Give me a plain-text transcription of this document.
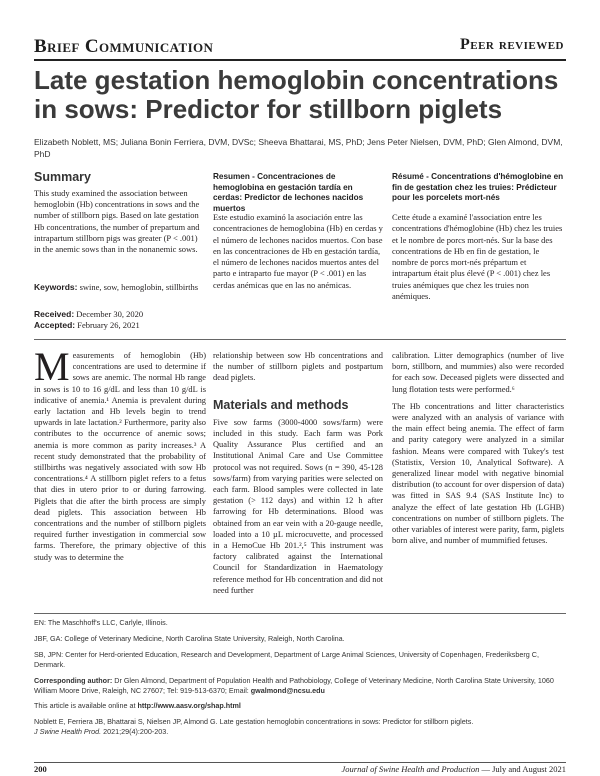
Brief Communication	Peer reviewed
Late gestation hemoglobin concentrations in sows: Predictor for stillborn piglets
Elizabeth Noblett, MS; Juliana Bonin Ferriera, DVM, DVSc; Sheeva Bhattarai, MS, PhD; Jens Peter Nielsen, DVM, PhD; Glen Almond, DVM, PhD
Summary
This study examined the association between hemoglobin (Hb) concentrations in sows and the number of stillborn pigs. Based on late gestation Hb concentrations, the number of prepartum and intrapartum stillborn pigs was greater (P < .001) in the anemic sows than in the nonanemic sows.
Keywords: swine, sow, hemoglobin, stillbirths
Received: December 30, 2020
Accepted: February 26, 2021
Resumen - Concentraciones de hemoglobina en gestación tardía en cerdas: Predictor de lechones nacidos muertos
Este estudio examinó la asociación entre las concentraciones de hemoglobina (Hb) en cerdas y el número de lechones nacidos muertos. Con base en las concentraciones de Hb en gestación tardía, el número de lechones nacidos muertos antes del parto e intraparto fue mayor (P < .001) en las cerdas anémicas que en las no anémicas.
Résumé - Concentrations d'hémoglobine en fin de gestation chez les truies: Prédicteur pour les porcelets mort-nés
Cette étude a examiné l'association entre les concentrations d'hémoglobine (Hb) chez les truies et le nombre de porcs mort-nés. Sur la base des concentrations de Hb en fin de gestation, le nombre de porcs mort-nés prépartum et intrapartum était plus élevé (P < .001) chez les truies anémiques que chez les truies non anémiques.
Measurements of hemoglobin (Hb) concentrations are used to determine if sows are anemic. The normal Hb range in sows is 10 to 16 g/dL and less than 10 g/dL is indicative of anemia.¹ Anemia is prevalent during early lactation and Hb levels begin to trend upwards in late lactation.² Furthermore, parity also contributes to the occurrence of anemic sows; anemia is more common as parity increases.³ A recent study demonstrated that the probability of stillbirths was negatively associated with sow Hb concentrations.⁴ A stillborn piglet refers to a fetus that dies in utero prior to or during farrowing. Piglets that die after the birth process are simply dead piglets. This association between Hb concentrations and the number of stillborn piglets required further investigation in commercial sow farms. Therefore, the primary objective of this study was to determine the
relationship between sow Hb concentrations and the number of stillborn piglets and postpartum dead piglets.
Materials and methods
Five sow farms (3000-4000 sows/farm) were included in this study. Each farm was Pork Quality Assurance Plus certified and an Institutional Animal Care and Use Committee protocol was not required. Sows (n = 390, 45-128 sows/farm) from varying parities were selected on each farm. Blood samples were collected in late gestation (> 112 days) and within 12 h after farrowing for Hb determinations. Blood was obtained from an ear vein with a 20-gauge needle, loaded into a 10 µL microcuvette, and processed in a HemoCue Hb 201.²,⁵ This instrument was factory calibrated against the International Council for Standardization in Haematology reference method for Hb concentration and did not need further
calibration. Litter demographics (number of live born, stillborn, and mummies) also were recorded for each sow. Deceased piglets were dissected and lung flotation tests were performed.⁶
The Hb concentrations and litter characteristics were analyzed with an analysis of variance with the main effect being anemia. The effect of farm and parity category were analyzed in a similar fashion. Means were compared with Tukey's test (Statistix, Version 10, Analytical Software). A generalized linear model with negative binomial distribution (to account for over dispersion of data) was fitted in SAS 9.4 (SAS Institute Inc) to analyze the effect of late gestation Hb (LGHB) concentrations on number of stillborn piglets. The other variables of interest were parity, farm, piglets born alive, and number of mummified fetuses.
EN: The Maschhoff's LLC, Carlyle, Illinois.
JBF, GA: College of Veterinary Medicine, North Carolina State University, Raleigh, North Carolina.
SB, JPN: Center for Herd-oriented Education, Research and Development, Department of Large Animal Sciences, University of Copenhagen, Frederiksberg C, Denmark.
Corresponding author: Dr Glen Almond, Department of Population Health and Pathobiology, College of Veterinary Medicine, North Carolina State University, 1060 William Moore Drive, Raleigh, NC 27607; Tel: 919-513-6370; Email: gwalmond@ncsu.edu
This article is available online at http://www.aasv.org/shap.html
Noblett E, Ferriera JB, Bhattarai S, Nielsen JP, Almond G. Late gestation hemoglobin concentrations in sows: Predictor for stillborn piglets.
J Swine Health Prod. 2021;29(4):200-203.
200	Journal of Swine Health and Production — July and August 2021
